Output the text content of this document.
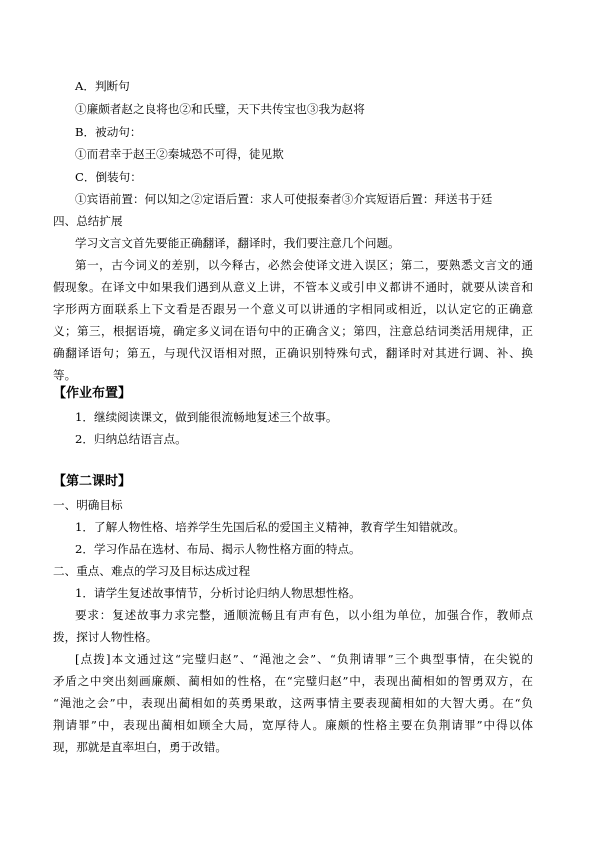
A．判断句
①廉颇者赵之良将也②和氏璧，天下共传宝也③我为赵将
B．被动句：
①而君幸于赵王②秦城恐不可得，徒见欺
C．倒装句：
①宾语前置：何以知之②定语后置：求人可使报秦者③介宾短语后置：拜送书于廷
四、总结扩展
学习文言文首先要能正确翻译，翻译时，我们要注意几个问题。
第一，古今词义的差别，以今释古，必然会使译文进入误区；第二，要熟悉文言文的通
假现象。在译文中如果我们遇到从意义上讲，不管本义或引申义都讲不通时，就要从读音和
字形两方面联系上下文看是否跟另一个意义可以讲通的字相同或相近，以认定它的正确意
义；第三，根据语境，确定多义词在语句中的正确含义；第四，注意总结词类活用规律，正
确翻译语句；第五，与现代汉语相对照，正确识别特殊句式，翻译时对其进行调、补、换
等。
【作业布置】
1．继续阅读课文，做到能很流畅地复述三个故事。
2．归纳总结语言点。
【第二课时】
一、明确目标
1．了解人物性格、培养学生先国后私的爱国主义精神，教育学生知错就改。
2．学习作品在选材、布局、揭示人物性格方面的特点。
二、重点、难点的学习及目标达成过程
1．请学生复述故事情节，分析讨论归纳人物思想性格。
要求：复述故事力求完整，通顺流畅且有声有色，以小组为单位，加强合作，教师点
拨，探讨人物性格。
[点拨]本文通过这“完璧归赵”、“渑池之会”、“负荆请罪”三个典型事情，在尖锐的
矛盾之中突出刻画廉颇、蔺相如的性格，在“完璧归赵”中，表现出蔺相如的智勇双方，在
“渑池之会”中，表现出蔺相如的英勇果敢，这两事情主要表现蔺相如的大智大勇。在“负
荆请罪”中，表现出蔺相如顾全大局，宽厚待人。廉颇的性格主要在负荆请罪”中得以体
现，那就是直率坦白，勇于改错。
